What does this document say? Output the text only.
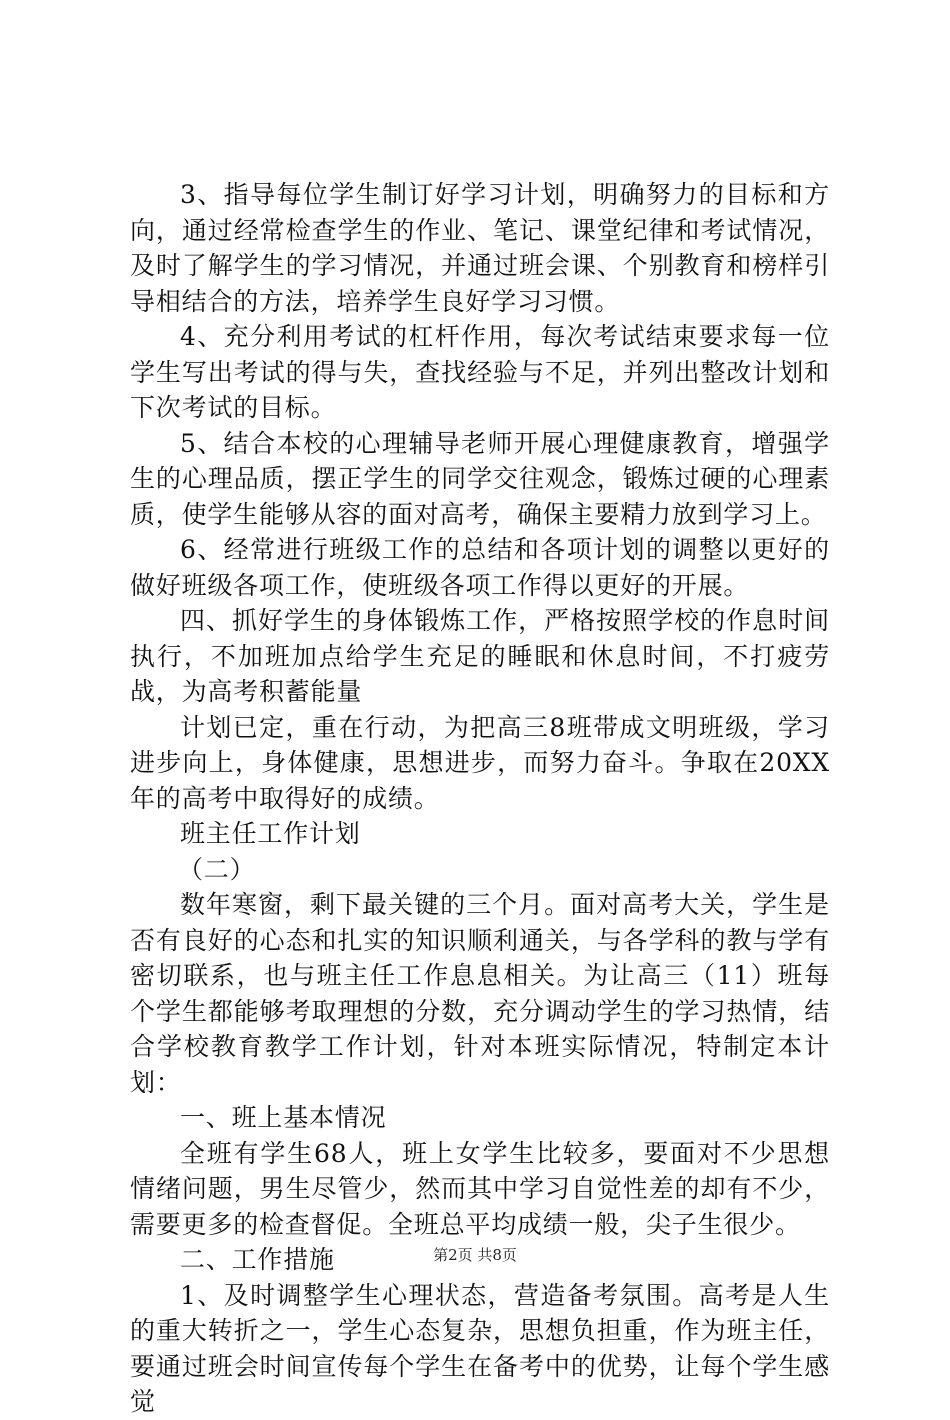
3、指导每位学生制订好学习计划，明确努力的目标和方向，通过经常检查学生的作业、笔记、课堂纪律和考试情况，及时了解学生的学习情况，并通过班会课、个别教育和榜样引导相结合的方法，培养学生良好学习习惯。

4、充分利用考试的杠杆作用，每次考试结束要求每一位学生写出考试的得与失，查找经验与不足，并列出整改计划和下次考试的目标。

5、结合本校的心理辅导老师开展心理健康教育，增强学生的心理品质，摆正学生的同学交往观念，锻炼过硬的心理素质，使学生能够从容的面对高考，确保主要精力放到学习上。

6、经常进行班级工作的总结和各项计划的调整以更好的做好班级各项工作，使班级各项工作得以更好的开展。

四、抓好学生的身体锻炼工作，严格按照学校的作息时间执行，不加班加点给学生充足的睡眠和休息时间，不打疲劳战，为高考积蓄能量

计划已定，重在行动，为把高三8班带成文明班级，学习进步向上，身体健康，思想进步，而努力奋斗。争取在20XX年的高考中取得好的成绩。

班主任工作计划

（二）

数年寒窗，剩下最关键的三个月。面对高考大关，学生是否有良好的心态和扎实的知识顺利通关，与各学科的教与学有密切联系，也与班主任工作息息相关。为让高三（11）班每个学生都能够考取理想的分数，充分调动学生的学习热情，结合学校教育教学工作计划，针对本班实际情况，特制定本计划：

一、班上基本情况

全班有学生68人，班上女学生比较多，要面对不少思想情绪问题，男生尽管少，然而其中学习自觉性差的却有不少，需要更多的检查督促。全班总平均成绩一般，尖子生很少。

二、工作措施

1、及时调整学生心理状态，营造备考氛围。高考是人生的重大转折之一，学生心态复杂，思想负担重，作为班主任，要通过班会时间宣传每个学生在备考中的优势，让每个学生感觉

第2页 共8页
